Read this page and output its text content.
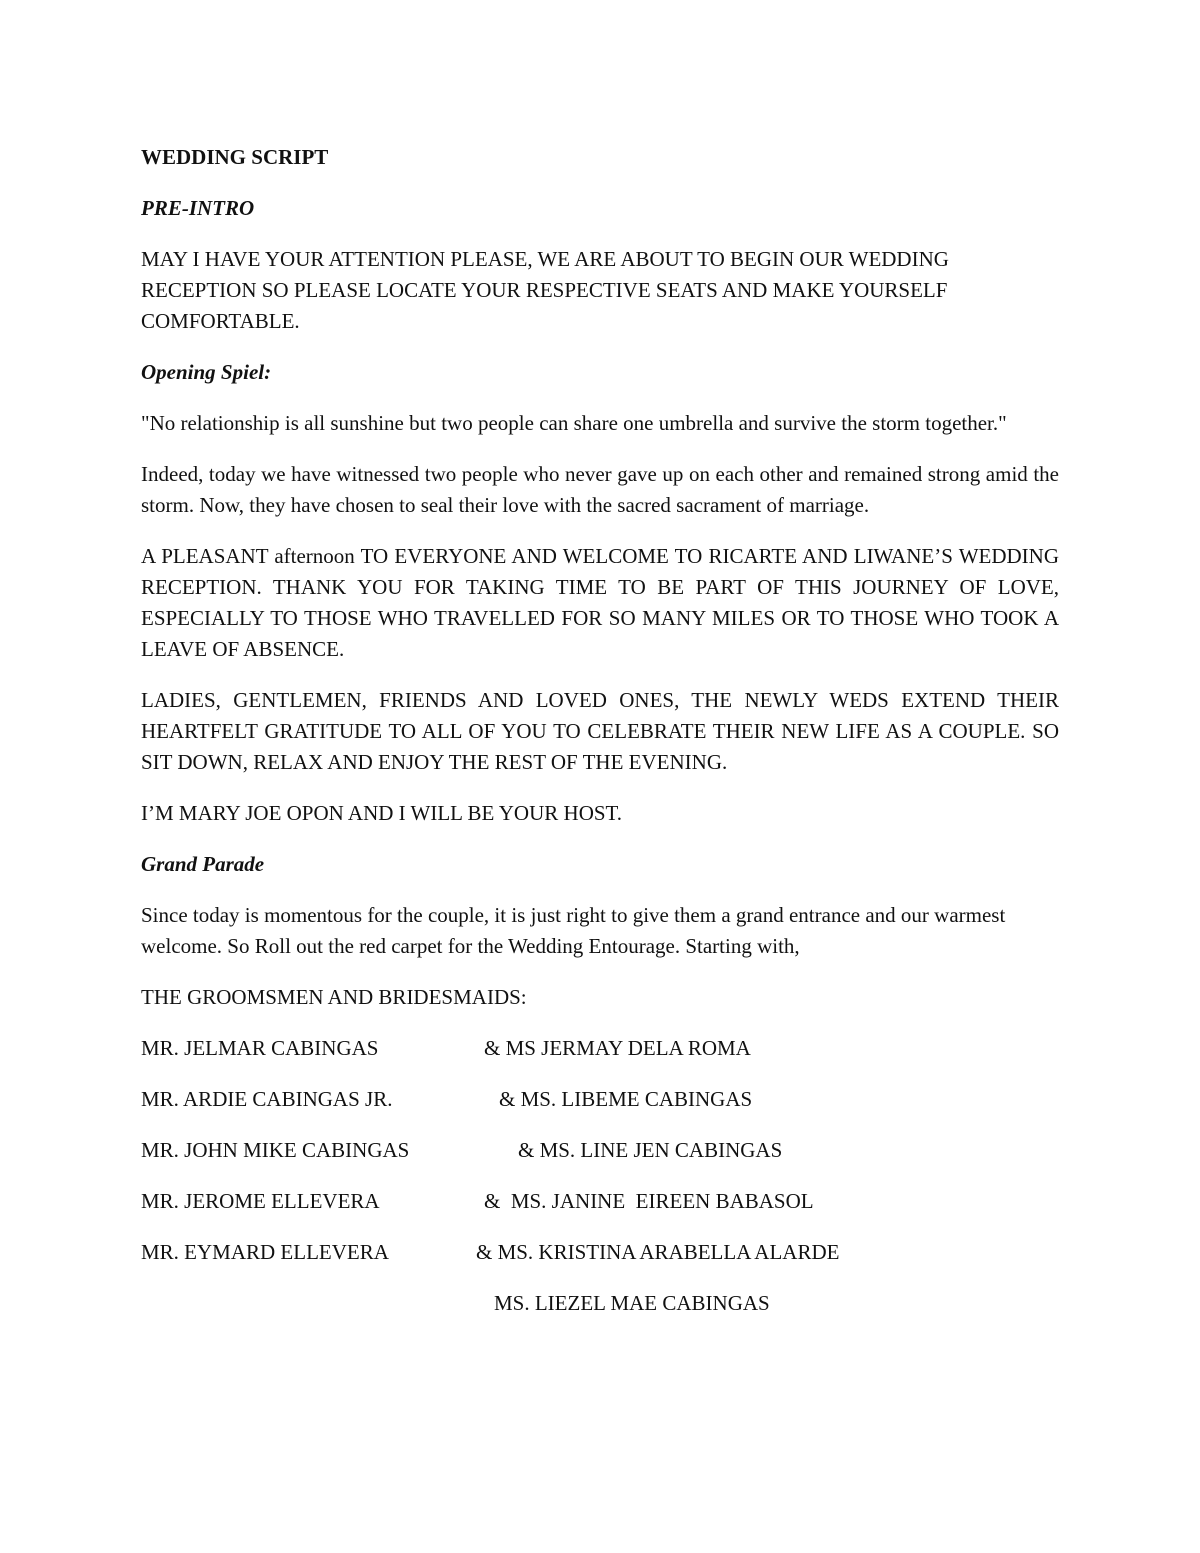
WEDDING SCRIPT
PRE-INTRO

MAY I HAVE YOUR ATTENTION PLEASE, WE ARE ABOUT TO BEGIN OUR WEDDING RECEPTION SO PLEASE LOCATE YOUR RESPECTIVE SEATS AND MAKE YOURSELF COMFORTABLE.

Opening Spiel:

"No relationship is all sunshine but two people can share one umbrella and survive the storm together."

Indeed, today we have witnessed two people who never gave up on each other and remained strong amid the storm. Now, they have chosen to seal their love with the sacred sacrament of marriage.

A PLEASANT afternoon TO EVERYONE AND WELCOME TO RICARTE AND LIWANE’S WEDDING RECEPTION. THANK YOU FOR TAKING TIME TO BE PART OF THIS JOURNEY OF LOVE, ESPECIALLY TO THOSE WHO TRAVELLED FOR SO MANY MILES OR TO THOSE WHO TOOK A LEAVE OF ABSENCE.

LADIES, GENTLEMEN, FRIENDS AND LOVED ONES, THE NEWLY WEDS EXTEND THEIR HEARTFELT GRATITUDE TO ALL OF YOU TO CELEBRATE THEIR NEW LIFE AS A COUPLE. SO SIT DOWN, RELAX AND ENJOY THE REST OF THE EVENING.

I’M MARY JOE OPON AND I WILL BE YOUR HOST.

Grand Parade

Since today is momentous for the couple, it is just right to give them a grand entrance and our warmest welcome. So Roll out the red carpet for the Wedding Entourage. Starting with,

THE GROOMSMEN AND BRIDESMAIDS:

MR. JELMAR CABINGAS	& MS JERMAY DELA ROMA
MR. ARDIE CABINGAS JR.	& MS. LIBEME CABINGAS
MR. JOHN MIKE CABINGAS	& MS. LINE JEN CABINGAS
MR. JEROME ELLEVERA	&  MS. JANINE  EIREEN BABASOL
MR. EYMARD ELLEVERA	& MS. KRISTINA ARABELLA ALARDE
MS. LIEZEL MAE CABINGAS
